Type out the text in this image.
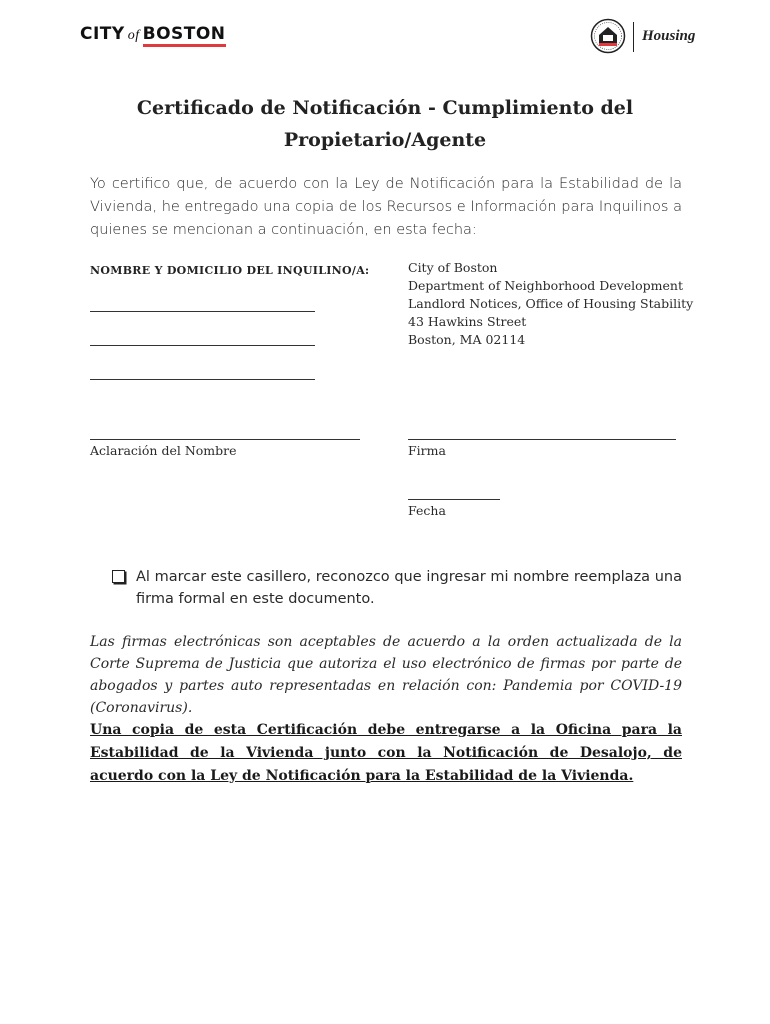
CITY of BOSTON	Housing
Certificado de Notificación - Cumplimiento del Propietario/Agente
Yo certifico que, de acuerdo con la Ley de Notificación para la Estabilidad de la Vivienda, he entregado una copia de los Recursos e Información para Inquilinos a quienes se mencionan a continuación, en esta fecha:
NOMBRE Y DOMICILIO DEL INQUILINO/A:	City of Boston
Department of Neighborhood Development
Landlord Notices, Office of Housing Stability
43 Hawkins Street
Boston, MA 02114
Aclaración del Nombre	Firma
Fecha
Al marcar este casillero, reconozco que ingresar mi nombre reemplaza una firma formal en este documento.
Las firmas electrónicas son aceptables de acuerdo a la orden actualizada de la Corte Suprema de Justicia que autoriza el uso electrónico de firmas por parte de abogados y partes auto representadas en relación con: Pandemia por COVID-19 (Coronavirus).
Una copia de esta Certificación debe entregarse a la Oficina para la Estabilidad de la Vivienda junto con la Notificación de Desalojo, de acuerdo con la Ley de Notificación para la Estabilidad de la Vivienda.
